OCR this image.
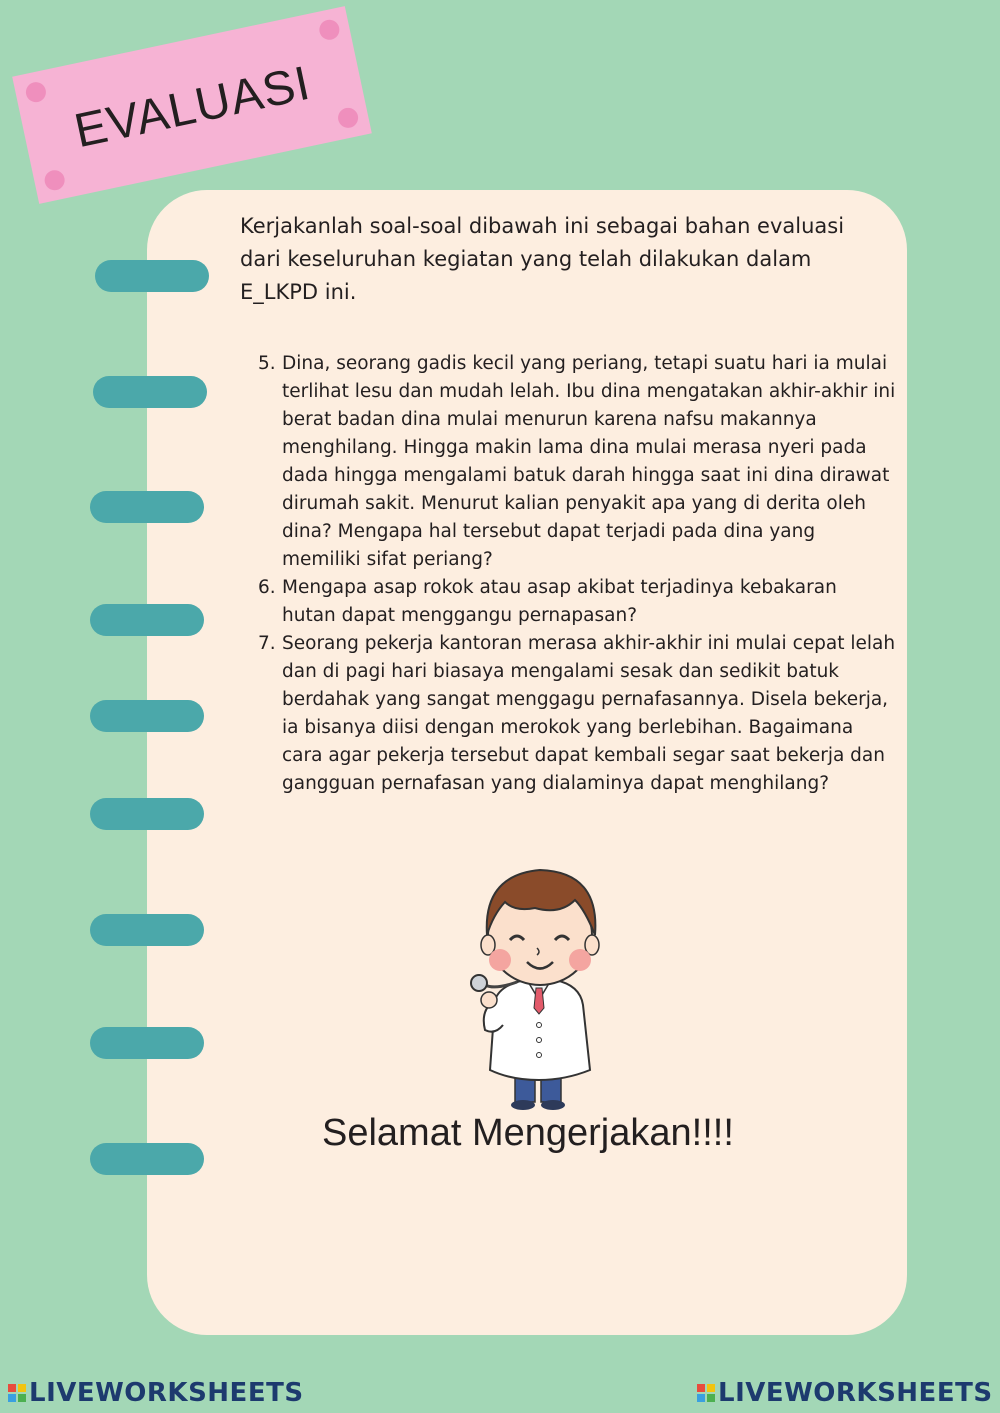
EVALUASI
Kerjakanlah soal-soal dibawah ini sebagai bahan evaluasi dari keseluruhan kegiatan yang telah dilakukan dalam E_LKPD ini.
5. Dina, seorang gadis kecil yang periang, tetapi suatu hari ia mulai terlihat lesu dan mudah lelah. Ibu dina mengatakan akhir-akhir ini berat badan dina mulai menurun karena nafsu makannya menghilang. Hingga makin lama dina mulai merasa nyeri pada dada hingga mengalami batuk darah hingga saat ini dina dirawat dirumah sakit. Menurut kalian penyakit apa yang di derita oleh dina? Mengapa hal tersebut dapat terjadi pada dina yang memiliki sifat periang?
6. Mengapa asap rokok atau asap akibat terjadinya kebakaran hutan dapat menggangu pernapasan?
7. Seorang pekerja kantoran merasa akhir-akhir ini mulai cepat lelah dan di pagi hari biasaya mengalami sesak dan sedikit batuk berdahak yang sangat menggagu pernafasannya. Disela bekerja, ia bisanya diisi dengan merokok yang berlebihan. Bagaimana cara agar pekerja tersebut dapat kembali segar saat bekerja dan gangguan pernafasan yang dialaminya dapat menghilang?
Selamat Mengerjakan!!!!
LIVEWORKSHEETS	LIVEWORKSHEETS
